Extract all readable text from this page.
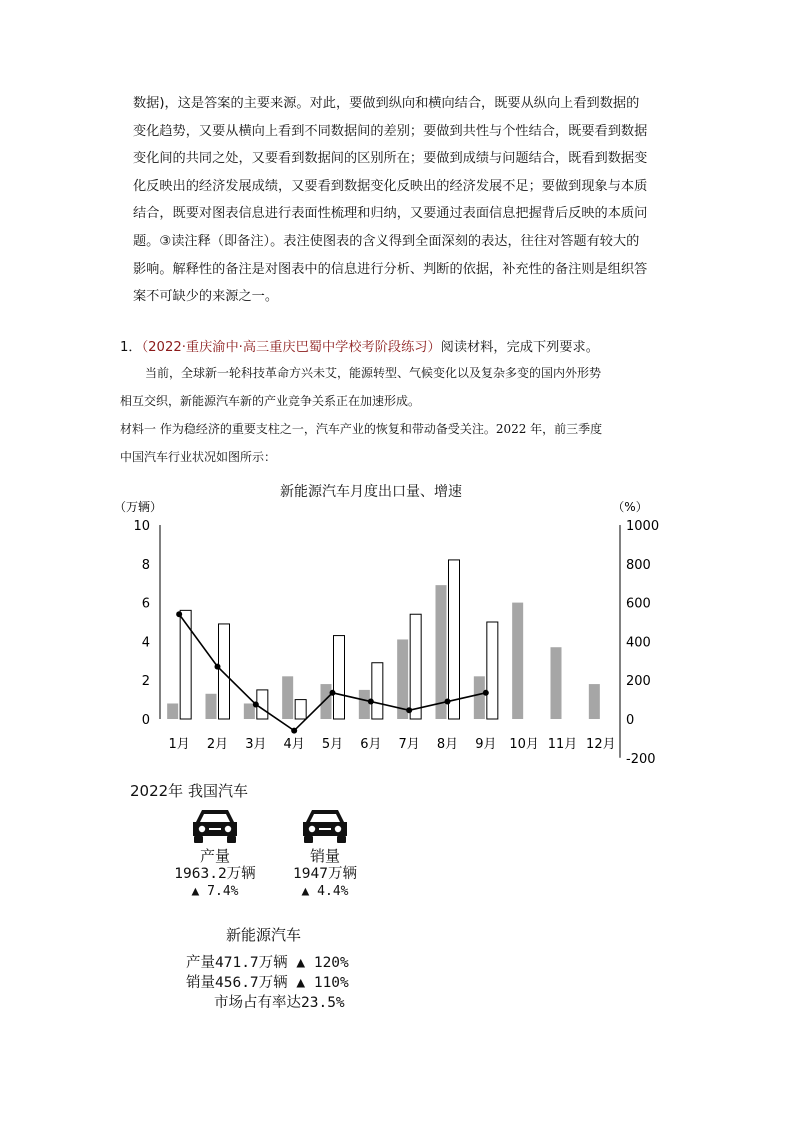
数据)，这是答案的主要来源。对此，要做到纵向和横向结合，既要从纵向上看到数据的
变化趋势，又要从横向上看到不同数据间的差别；要做到共性与个性结合，既要看到数据
变化间的共同之处，又要看到数据间的区别所在；要做到成绩与问题结合，既看到数据变
化反映出的经济发展成绩，又要看到数据变化反映出的经济发展不足；要做到现象与本质
结合，既要对图表信息进行表面性梳理和归纳，又要通过表面信息把握背后反映的本质问
题。③读注释（即备注）。表注使图表的含义得到全面深刻的表达，往往对答题有较大的
影响。解释性的备注是对图表中的信息进行分析、判断的依据，补充性的备注则是组织答
案不可缺少的来源之一。
1．（2022·重庆渝中·高三重庆巴蜀中学校考阶段练习）阅读材料，完成下列要求。
当前，全球新一轮科技革命方兴未艾，能源转型、气候变化以及复杂多变的国内外形势
相互交织，新能源汽车新的产业竞争关系正在加速形成。
材料一 作为稳经济的重要支柱之一，汽车产业的恢复和带动备受关注。2022 年，前三季度
中国汽车行业状况如图所示：
新能源汽车月度出口量、增速
（万辆）	（%）
0
2
4
6
8
10
-200
0
200
400
600
800
1000
1月 2月 3月 4月 5月 6月 7月 8月 9月 10月 11月 12月
2022年 我国汽车
产量
1963.2万辆
▲ 7.4%
销量
1947万辆
▲ 4.4%
新能源汽车
产量471.7万辆 ▲ 120%
销量456.7万辆 ▲ 110%
市场占有率达23.5%
